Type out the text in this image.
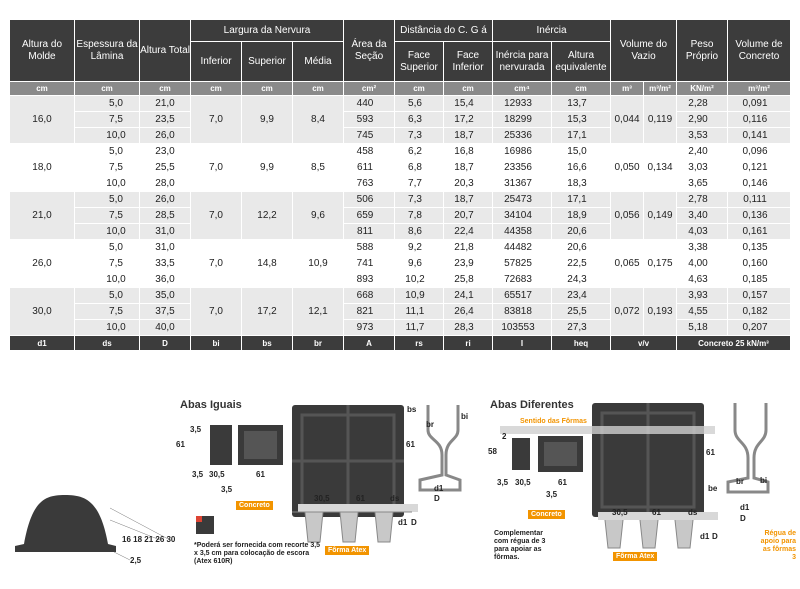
Altura do Molde	Espessura da Lâmina	Altura Total	Largura da Nervura			Área da Seção	Distância do C. G á		Inércia		Volume do Vazio		Peso Próprio	Volume de Concreto
			Inferior	Superior	Média		Face Superior	Face Inferior	Inércia para nervurada	Altura equivalente				
cm	cm	cm	cm	cm	cm	cm²	cm	cm	cm⁴	cm	m³	m³/m²	KN/m²	m³/m²
16,0	5,0	21,0	7,0	9,9	8,4	440	5,6	15,4	12933	13,7	0,044	0,119	2,28	0,091
	7,5	23,5				593	6,3	17,2	18299	15,3			2,90	0,116
	10,0	26,0				745	7,3	18,7	25336	17,1			3,53	0,141
18,0	5,0	23,0	7,0	9,9	8,5	458	6,2	16,8	16986	15,0	0,050	0,134	2,40	0,096
	7,5	25,5				611	6,8	18,7	23356	16,6			3,03	0,121
	10,0	28,0				763	7,7	20,3	31367	18,3			3,65	0,146
21,0	5,0	26,0	7,0	12,2	9,6	506	7,3	18,7	25473	17,1	0,056	0,149	2,78	0,111
	7,5	28,5				659	7,8	20,7	34104	18,9			3,40	0,136
	10,0	31,0				811	8,6	22,4	44358	20,6			4,03	0,161
26,0	5,0	31,0	7,0	14,8	10,9	588	9,2	21,8	44482	20,6	0,065	0,175	3,38	0,135
	7,5	33,5				741	9,6	23,9	57825	22,5			4,00	0,160
	10,0	36,0				893	10,2	25,8	72683	24,3			4,63	0,185
30,0	5,0	35,0	7,0	17,2	12,1	668	10,9	24,1	65517	23,4	0,072	0,193	3,93	0,157
	7,5	37,5				821	11,1	26,4	83818	25,5			4,55	0,182
	10,0	40,0				973	11,7	28,3	103553	27,3			5,18	0,207
d1	ds	D	bi	bs	br	A	rs	ri	I	heq	v/v		Concreto 25 kN/m³	
16 18 21 26 30
2,5
Abas Iguais
3,5
61
3,5 30,5	61
3,5
61
bs
bi
br
d1
D
30,5	61	ds
d1 D
Concreto
Fôrma Atex
*Poderá ser fornecida com recorte 3,5 x 3,5 cm para colocação de escora (Atex 610R)
Abas Diferentes
Sentido das Fôrmas
2
58
3,5 30,5	61
3,5
61
be
br bi
d1
D
30,5	61	ds
d1 D
Concreto
Fôrma Atex
Complementar com régua de 3 para apoiar as fôrmas.
Régua de apoio para as fôrmas 3
